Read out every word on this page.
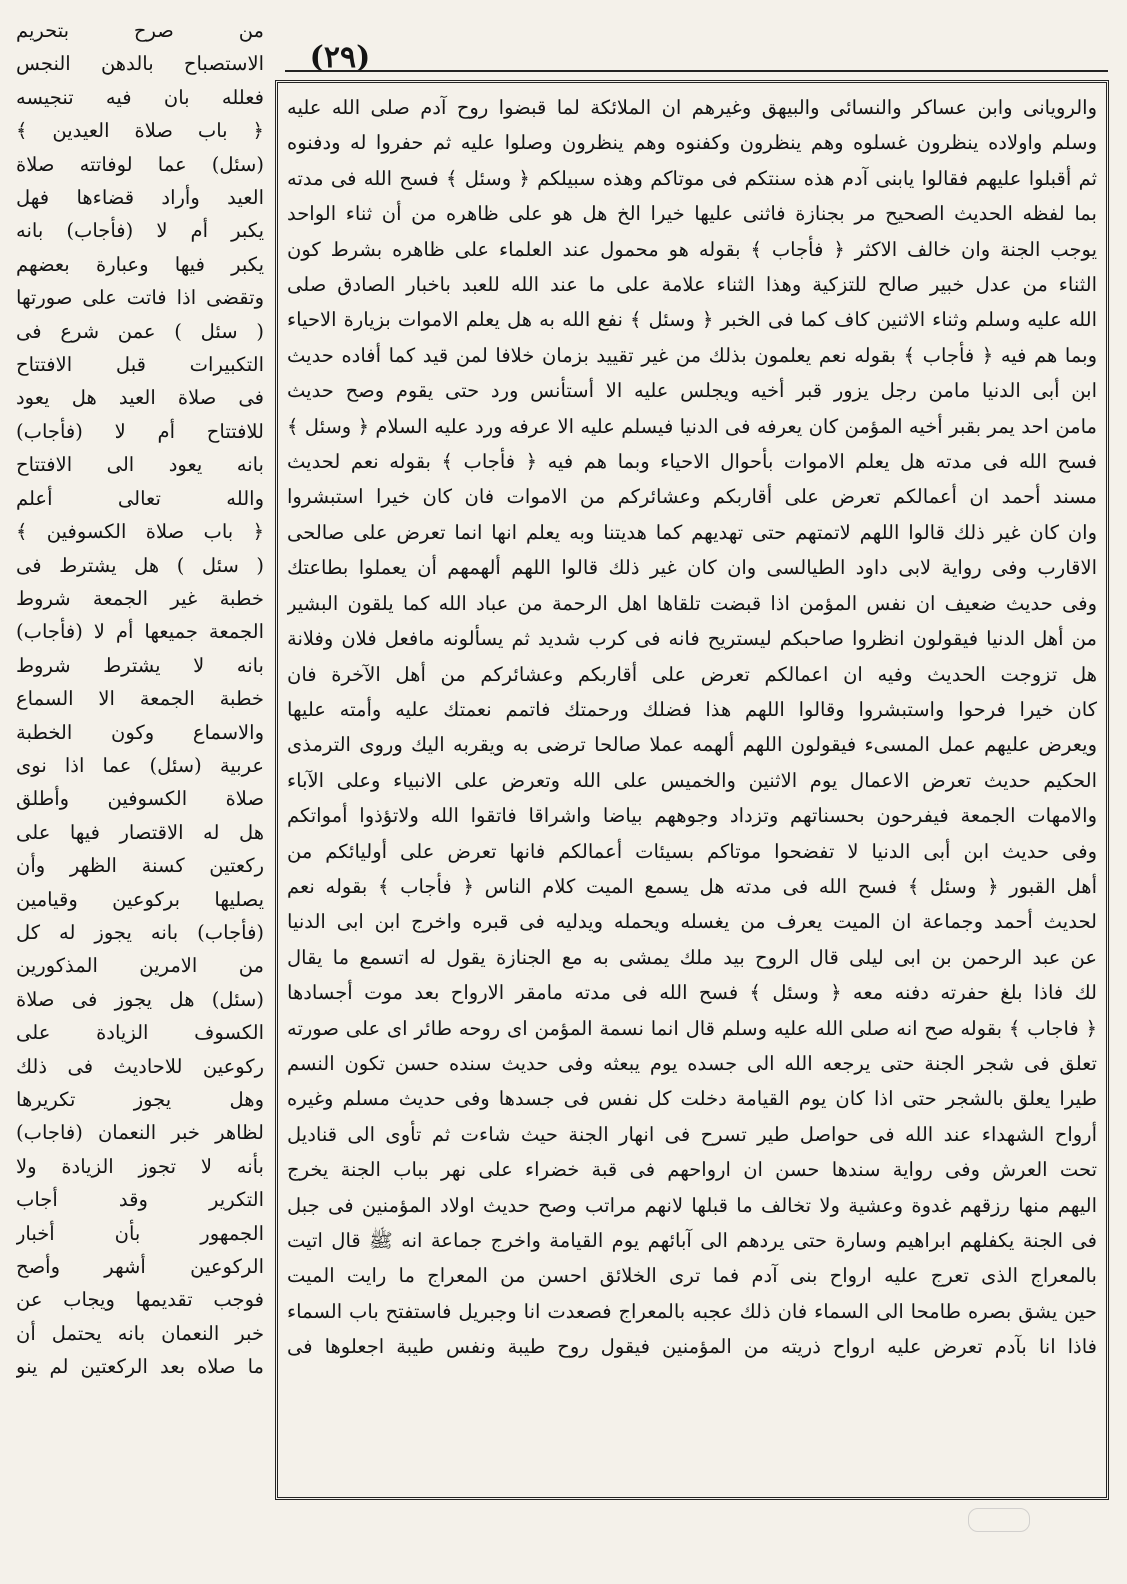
(٢٩)

والرويانى وابن عساكر والنسائى والبيهق وغيرهم ان الملائكة لما قبضوا روح آدم صلى الله عليه

وسلم واولاده ينظرون غسلوه وهم ينظرون وكفنوه وهم ينظرون وصلوا عليه ثم حفروا له ودفنوه

ثم أقبلوا عليهم فقالوا يابنى آدم هذه سنتكم فى موتاكم وهذه سبيلكم ﴿ وسئل ﴾ فسح الله فى مدته

بما لفظه الحديث الصحيح مر بجنازة فاثنى عليها خيرا الخ هل هو على ظاهره من أن ثناء الواحد

يوجب الجنة وان خالف الاكثر ﴿ فأجاب ﴾ بقوله هو محمول عند العلماء على ظاهره بشرط كون

الثناء من عدل خبير صالح للتزكية وهذا الثناء علامة على ما عند الله للعبد باخبار الصادق صلى

الله عليه وسلم وثناء الاثنين كاف كما فى الخبر ﴿ وسئل ﴾ نفع الله به هل يعلم الاموات بزيارة الاحياء

وبما هم فيه ﴿ فأجاب ﴾ بقوله نعم يعلمون بذلك من غير تقييد بزمان خلافا لمن قيد كما أفاده حديث

ابن أبى الدنيا مامن رجل يزور قبر أخيه ويجلس عليه الا أستأنس ورد حتى يقوم وصح حديث

مامن احد يمر بقبر أخيه المؤمن كان يعرفه فى الدنيا فيسلم عليه الا عرفه ورد عليه السلام ﴿ وسئل ﴾

فسح الله فى مدته هل يعلم الاموات بأحوال الاحياء وبما هم فيه ﴿ فأجاب ﴾ بقوله نعم لحديث

مسند أحمد ان أعمالكم تعرض على أقاربكم وعشائركم من الاموات فان كان خيرا استبشروا

وان كان غير ذلك قالوا اللهم لاتمتهم حتى تهديهم كما هديتنا وبه يعلم انها انما تعرض على صالحى

الاقارب وفى رواية لابى داود الطيالسى وان كان غير ذلك قالوا اللهم ألهمهم أن يعملوا بطاعتك

وفى حديث ضعيف ان نفس المؤمن اذا قبضت تلقاها اهل الرحمة من عباد الله كما يلقون البشير

من أهل الدنيا فيقولون انظروا صاحبكم ليستريح فانه فى كرب شديد ثم يسألونه مافعل فلان وفلانة

هل تزوجت الحديث وفيه ان اعمالكم تعرض على أقاربكم وعشائركم من أهل الآخرة فان

كان خيرا فرحوا واستبشروا وقالوا اللهم هذا فضلك ورحمتك فاتمم نعمتك عليه وأمته عليها

ويعرض عليهم عمل المسىء فيقولون اللهم ألهمه عملا صالحا ترضى به ويقربه اليك وروى الترمذى

الحكيم حديث تعرض الاعمال يوم الاثنين والخميس على الله وتعرض على الانبياء وعلى الآباء

والامهات الجمعة فيفرحون بحسناتهم وتزداد وجوههم بياضا واشراقا فاتقوا الله ولاتؤذوا أمواتكم

وفى حديث ابن أبى الدنيا لا تفضحوا موتاكم بسيئات أعمالكم فانها تعرض على أوليائكم من

أهل القبور ﴿ وسئل ﴾ فسح الله فى مدته هل يسمع الميت كلام الناس ﴿ فأجاب ﴾ بقوله نعم

لحديث أحمد وجماعة ان الميت يعرف من يغسله ويحمله ويدليه فى قبره واخرج ابن ابى الدنيا

عن عبد الرحمن بن ابى ليلى قال الروح بيد ملك يمشى به مع الجنازة يقول له اتسمع ما يقال

لك فاذا بلغ حفرته دفنه معه ﴿ وسئل ﴾ فسح الله فى مدته مامقر الارواح بعد موت أجسادها

﴿ فاجاب ﴾ بقوله صح انه صلى الله عليه وسلم قال انما نسمة المؤمن اى روحه طائر اى على صورته

تعلق فى شجر الجنة حتى يرجعه الله الى جسده يوم يبعثه وفى حديث سنده حسن تكون النسم

طيرا يعلق بالشجر حتى اذا كان يوم القيامة دخلت كل نفس فى جسدها وفى حديث مسلم وغيره

أرواح الشهداء عند الله فى حواصل طير تسرح فى انهار الجنة حيث شاءت ثم تأوى الى قناديل

تحت العرش وفى رواية سندها حسن ان ارواحهم فى قبة خضراء على نهر بباب الجنة يخرج

اليهم منها رزقهم غدوة وعشية ولا تخالف ما قبلها لانهم مراتب وصح حديث اولاد المؤمنين فى جبل

فى الجنة يكفلهم ابراهيم وسارة حتى يردهم الى آبائهم يوم القيامة واخرج جماعة انه ﷺ قال اتيت

بالمعراج الذى تعرج عليه ارواح بنى آدم فما ترى الخلائق احسن من المعراج ما رايت الميت

حين يشق بصره طامحا الى السماء فان ذلك عجبه بالمعراج فصعدت انا وجبريل فاستفتح باب السماء

فاذا انا بآدم تعرض عليه ارواح ذريته من المؤمنين فيقول روح طيبة ونفس طيبة اجعلوها فى

من صرح بتحريم

الاستصباح بالدهن النجس

فعلله بان فيه تنجيسه

﴿ باب صلاة العيدين ﴾

(سئل) عما لوفاتته صلاة

العيد وأراد قضاءها فهل

يكبر أم لا (فأجاب) بانه

يكبر فيها وعبارة بعضهم

وتقضى اذا فاتت على صورتها

( سئل ) عمن شرع فى

التكبيرات قبل الافتتاح

فى صلاة العيد هل يعود

للافتتاح أم لا (فأجاب)

بانه يعود الى الافتتاح

والله تعالى أعلم

﴿ باب صلاة الكسوفين ﴾

( سئل ) هل يشترط فى

خطبة غير الجمعة شروط

الجمعة جميعها أم لا (فأجاب)

بانه لا يشترط شروط

خطبة الجمعة الا السماع

والاسماع وكون الخطبة

عربية (سئل) عما اذا نوى

صلاة الكسوفين وأطلق

هل له الاقتصار فيها على

ركعتين كسنة الظهر وأن

يصليها بركوعين وقيامين

(فأجاب) بانه يجوز له كل

من الامرين المذكورين

(سئل) هل يجوز فى صلاة

الكسوف الزيادة على

ركوعين للاحاديث فى ذلك

وهل يجوز تكريرها

لظاهر خبر النعمان (فاجاب)

بأنه لا تجوز الزيادة ولا

التكرير وقد أجاب

الجمهور بأن أخبار

الركوعين أشهر وأصح

فوجب تقديمها ويجاب عن

خبر النعمان بانه يحتمل أن

ما صلاه بعد الركعتين لم ينو
